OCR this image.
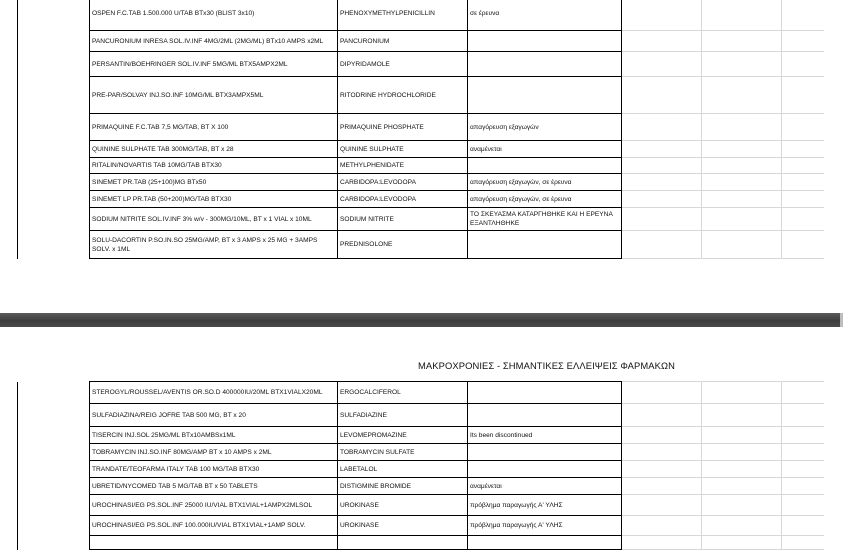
	OSPEN F.C.TAB 1.500.000 U/TAB BTx30 (BLIST 3x10)	PHENOXYMETHYLPENICILLIN	σε έρευνα			
	PANCURONIUM INRESA SOL.IV.INF 4MG/2ML (2MG/ML) BTx10 AMPS x2ML	PANCURONIUM				
	PERSANTIN/BOEHRINGER SOL.IV.INF 5MG/ML BTX5AMPX2ML	DIPYRIDAMOLE				
	PRE-PAR/SOLVAY INJ.SO.INF 10MG/ML BTX3AMPX5ML	RITODRINE HYDROCHLORIDE				
	PRIMAQUINE F.C.TAB 7,5 MG/TAB, BT X 100	PRIMAQUINE PHOSPHATE	απαγόρευση εξαγωγών			
	QUININE SULPHATE TAB 300MG/TAB, BT x 28	QUININE SULPHATE	αναμένεται			
	RITALIN/NOVARTIS TAB 10MG/TAB BTX30	METHYLPHENIDATE				
	SINEMET PR.TAB (25+100)MG BTx50	CARBIDOPA:LEVODOPA	απαγόρευση εξαγωγών, σε έρευνα			
	SINEMET LP PR.TAB (50+200)MG/TAB BTX30	CARBIDOPA:LEVODOPA	απαγόρευση εξαγωγών, σε έρευνα			
	SODIUM NITRITE SOL.IV.INF 3% w/v - 300MG/10ML, BT x 1 VIAL x 10ML	SODIUM NITRITE	ΤΟ ΣΚΕΥΑΣΜΑ ΚΑΤΑΡΓΗΘΗΚΕ ΚΑΙ Η ΕΡΕΥΝΑ ΕΞΑΝΤΛΗΘΗΚΕ			
	SOLU-DACORTIN P.SO.IN.SO 25MG/AMP, BT x 3 AMPS x 25 MG + 3AMPS SOLV. x 1ML	PREDNISOLONE				
ΜΑΚΡΟΧΡΟΝΙΕΣ - ΣΗΜΑΝΤΙΚΕΣ ΕΛΛΕΙΨΕΙΣ ΦΑΡΜΑΚΩΝ
	STEROGYL/ROUSSEL/AVENTIS OR.SO.D 400000IU/20ML BTX1VIALX20ML	ERGOCALCIFEROL				
	SULFADIAZINA/REIG JOFRE TAB 500 MG, BT x 20	SULFADIAZINE				
	TISERCIN INJ.SOL 25MG/ML BTx10AMBSx1ML	LEVOMEPROMAZINE	Its been discontinued			
	TOBRAMYCIN INJ.SO.INF 80MG/AMP BT x 10 AMPS x 2ML	TOBRAMYCIN SULFATE				
	TRANDATE/TEOFARMA ITALY TAB 100 MG/TAB BTX30	LABETALOL				
	UBRETID/NYCOMED TAB 5 MG/TAB BT x 50 TABLETS	DISTIGMINE BROMIDE	αναμένεται			
	UROCHINASI/EG PS.SOL.INF 25000 IU/VIAL BTX1VIAL+1AMPX2MLSOL	UROKINASE	πρόβλημα παραγωγής Α' ΥΛΗΣ			
	UROCHINASI/EG PS.SOL.INF 100.000IU/VIAL BTX1VIAL+1AMP SOLV.	UROKINASE	πρόβλημα παραγωγής Α' ΥΛΗΣ			
